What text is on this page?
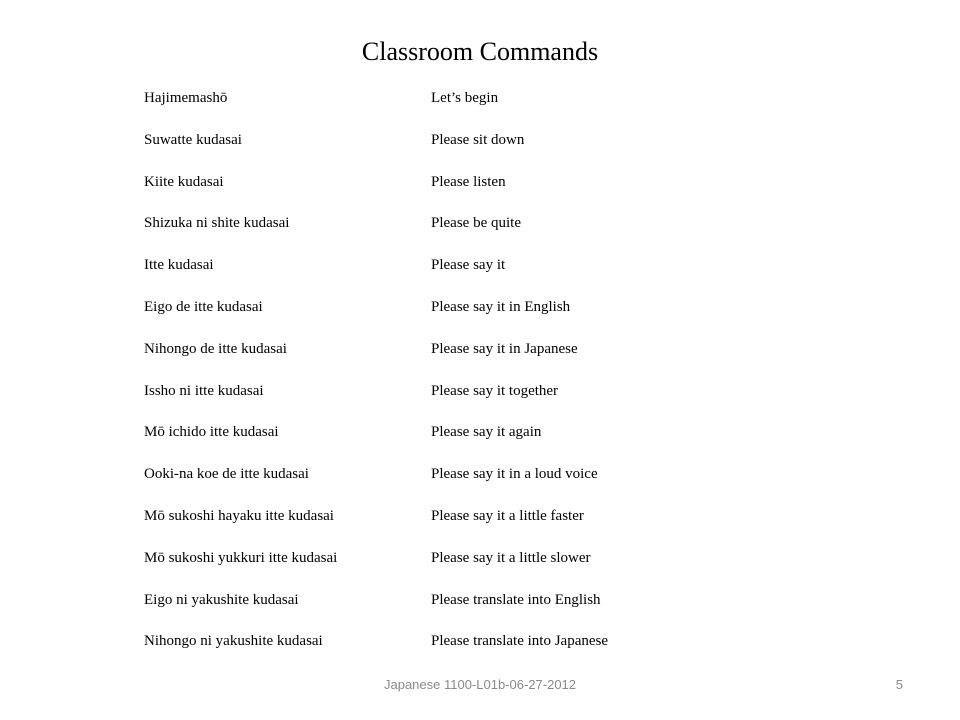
Classroom Commands
Hajimemashō	Let’s begin
Suwatte kudasai	Please sit down
Kiite kudasai	Please listen
Shizuka ni shite kudasai	Please be quite
Itte kudasai	Please say it
Eigo de itte kudasai	Please say it in English
Nihongo de itte kudasai	Please say it in Japanese
Issho ni itte kudasai	Please say it together
Mō ichido itte kudasai	Please say it again
Ooki-na koe de itte kudasai	Please say it in a loud voice
Mō sukoshi hayaku itte kudasai	Please say it a little faster
Mō sukoshi yukkuri itte kudasai	Please say it a little slower
Eigo ni yakushite kudasai	Please translate into English
Nihongo ni yakushite kudasai	Please translate into Japanese
Japanese 1100-L01b-06-27-2012	5
